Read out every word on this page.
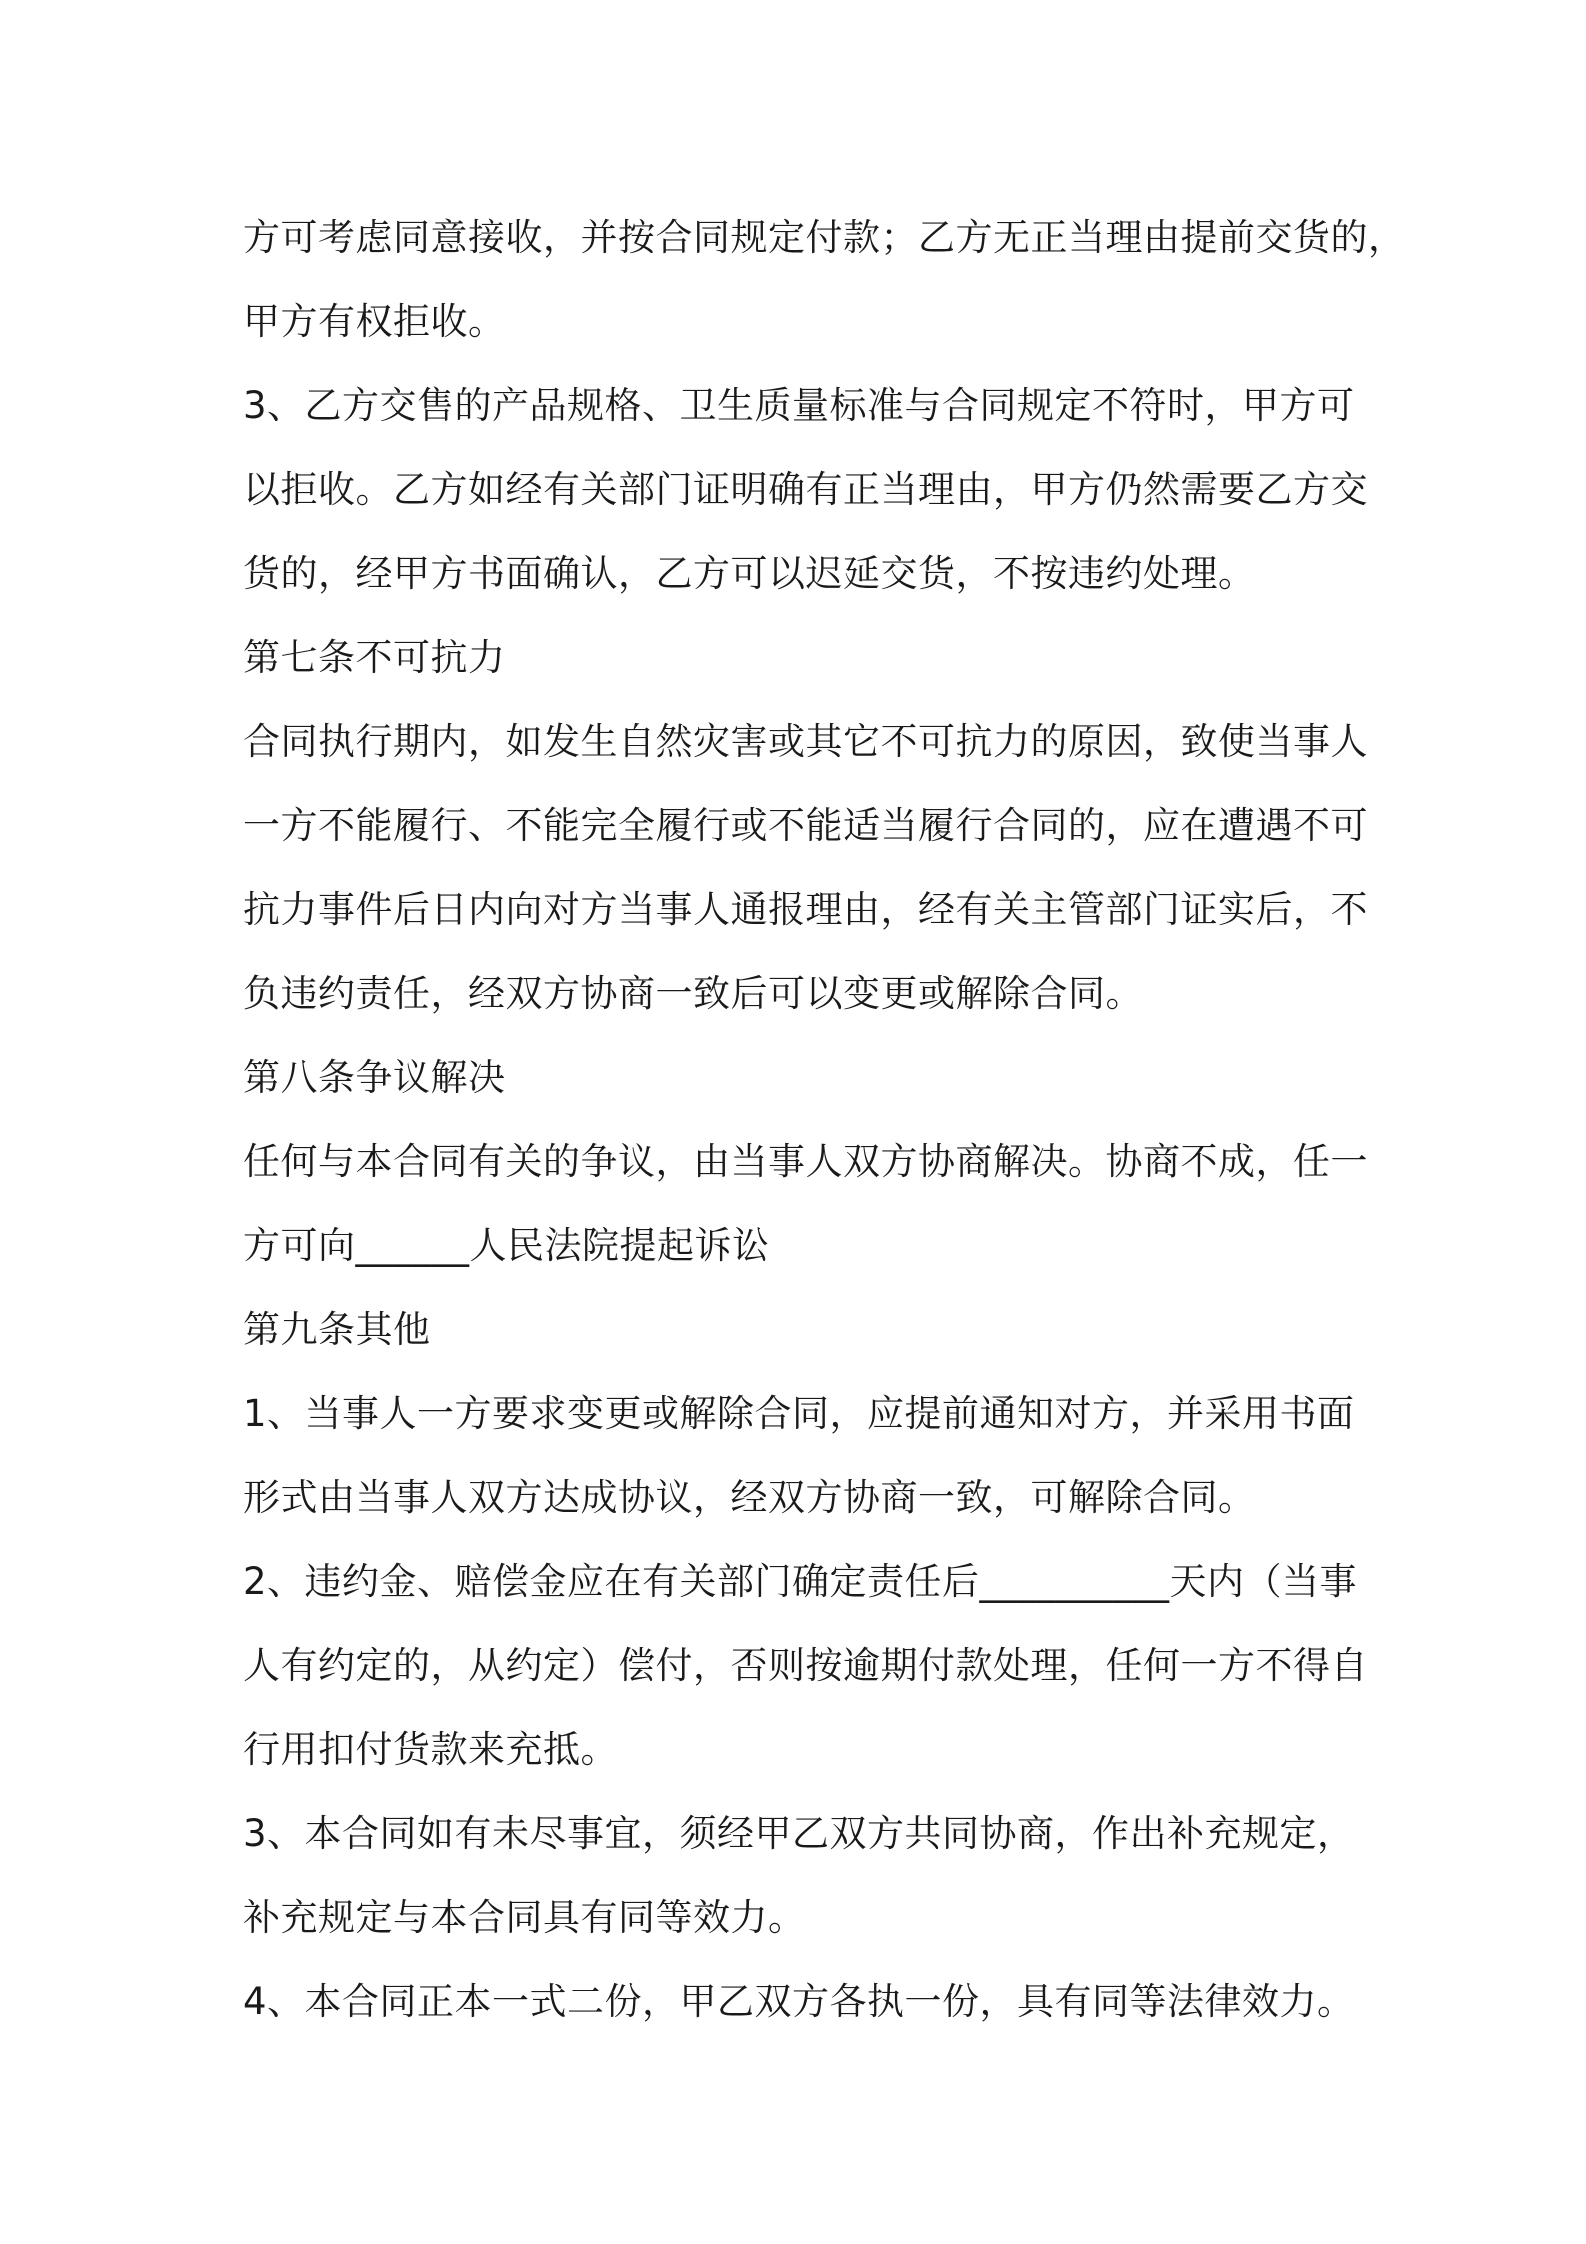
方可考虑同意接收，并按合同规定付款；乙方无正当理由提前交货的，
甲方有权拒收。
3、乙方交售的产品规格、卫生质量标准与合同规定不符时，甲方可
以拒收。乙方如经有关部门证明确有正当理由，甲方仍然需要乙方交
货的，经甲方书面确认，乙方可以迟延交货，不按违约处理。
第七条不可抗力
合同执行期内，如发生自然灾害或其它不可抗力的原因，致使当事人
一方不能履行、不能完全履行或不能适当履行合同的，应在遭遇不可
抗力事件后日内向对方当事人通报理由，经有关主管部门证实后，不
负违约责任，经双方协商一致后可以变更或解除合同。
第八条争议解决
任何与本合同有关的争议，由当事人双方协商解决。协商不成，任一
方可向______人民法院提起诉讼
第九条其他
1、当事人一方要求变更或解除合同，应提前通知对方，并采用书面
形式由当事人双方达成协议，经双方协商一致，可解除合同。
2、违约金、赔偿金应在有关部门确定责任后__________天内（当事
人有约定的，从约定）偿付，否则按逾期付款处理，任何一方不得自
行用扣付货款来充抵。
3、本合同如有未尽事宜，须经甲乙双方共同协商，作出补充规定，
补充规定与本合同具有同等效力。
4、本合同正本一式二份，甲乙双方各执一份，具有同等法律效力。
